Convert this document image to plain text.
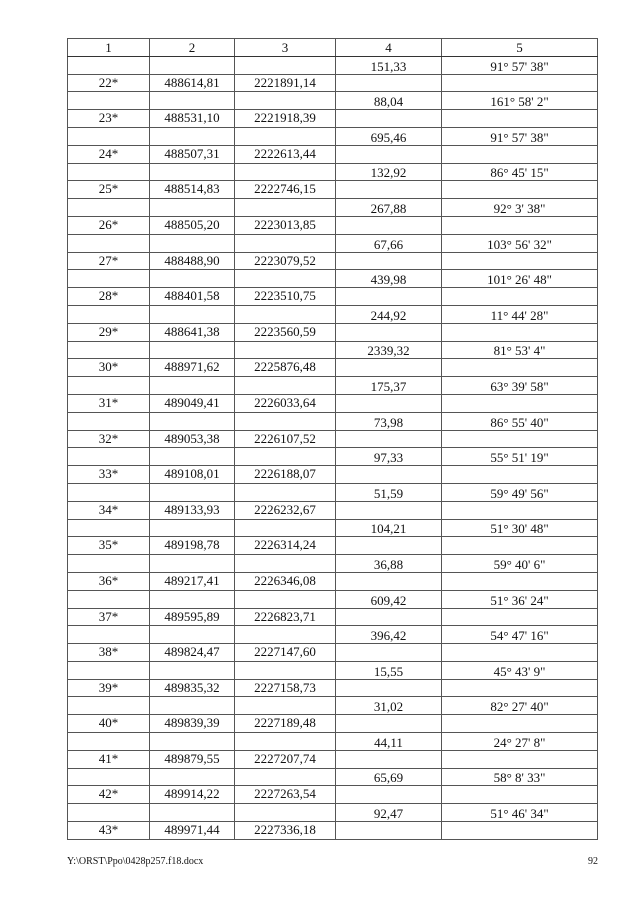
1	2	3	4	5
			151,33	91° 57' 38"
22*	488614,81	2221891,14		
			88,04	161° 58' 2"
23*	488531,10	2221918,39		
			695,46	91° 57' 38"
24*	488507,31	2222613,44		
			132,92	86° 45' 15"
25*	488514,83	2222746,15		
			267,88	92° 3' 38"
26*	488505,20	2223013,85		
			67,66	103° 56' 32"
27*	488488,90	2223079,52		
			439,98	101° 26' 48"
28*	488401,58	2223510,75		
			244,92	11° 44' 28"
29*	488641,38	2223560,59		
			2339,32	81° 53' 4"
30*	488971,62	2225876,48		
			175,37	63° 39' 58"
31*	489049,41	2226033,64		
			73,98	86° 55' 40"
32*	489053,38	2226107,52		
			97,33	55° 51' 19"
33*	489108,01	2226188,07		
			51,59	59° 49' 56"
34*	489133,93	2226232,67		
			104,21	51° 30' 48"
35*	489198,78	2226314,24		
			36,88	59° 40' 6"
36*	489217,41	2226346,08		
			609,42	51° 36' 24"
37*	489595,89	2226823,71		
			396,42	54° 47' 16"
38*	489824,47	2227147,60		
			15,55	45° 43' 9"
39*	489835,32	2227158,73		
			31,02	82° 27' 40"
40*	489839,39	2227189,48		
			44,11	24° 27' 8"
41*	489879,55	2227207,74		
			65,69	58° 8' 33"
42*	489914,22	2227263,54		
			92,47	51° 46' 34"
43*	489971,44	2227336,18		
Y:\ORST\Ppo\0428p257.f18.docx	92
